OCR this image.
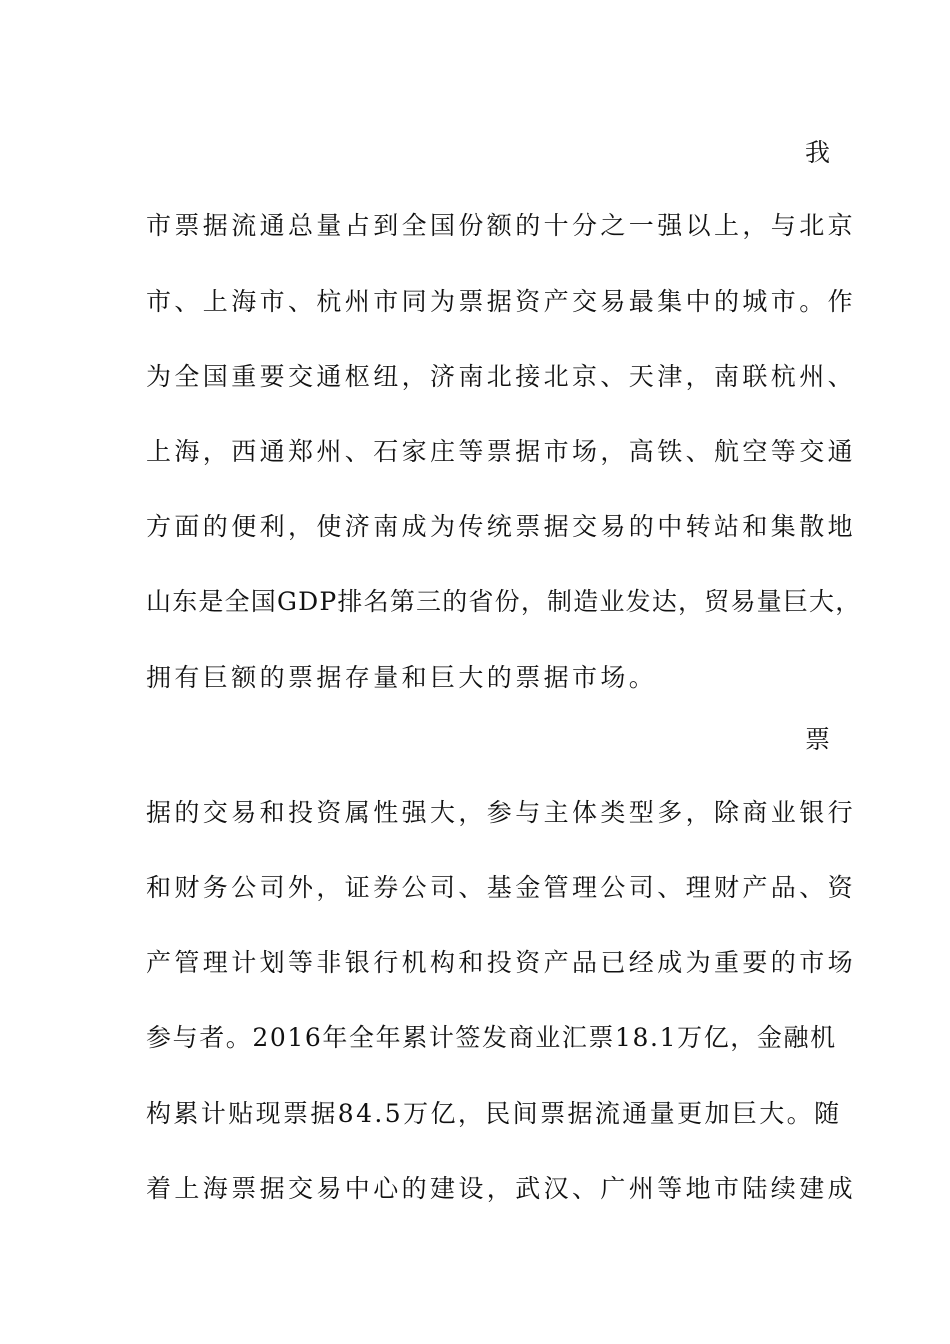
我
市票据流通总量占到全国份额的十分之一强以上，与北京
市、上海市、杭州市同为票据资产交易最集中的城市。作
为全国重要交通枢纽，济南北接北京、天津，南联杭州、
上海，西通郑州、石家庄等票据市场，高铁、航空等交通
方面的便利，使济南成为传统票据交易的中转站和集散地
山东是全国GDP排名第三的省份，制造业发达，贸易量巨大，
拥有巨额的票据存量和巨大的票据市场。
票
据的交易和投资属性强大，参与主体类型多，除商业银行
和财务公司外，证券公司、基金管理公司、理财产品、资
产管理计划等非银行机构和投资产品已经成为重要的市场
参与者。2016年全年累计签发商业汇票18.1万亿，金融机
构累计贴现票据84.5万亿，民间票据流通量更加巨大。随
着上海票据交易中心的建设，武汉、广州等地市陆续建成
